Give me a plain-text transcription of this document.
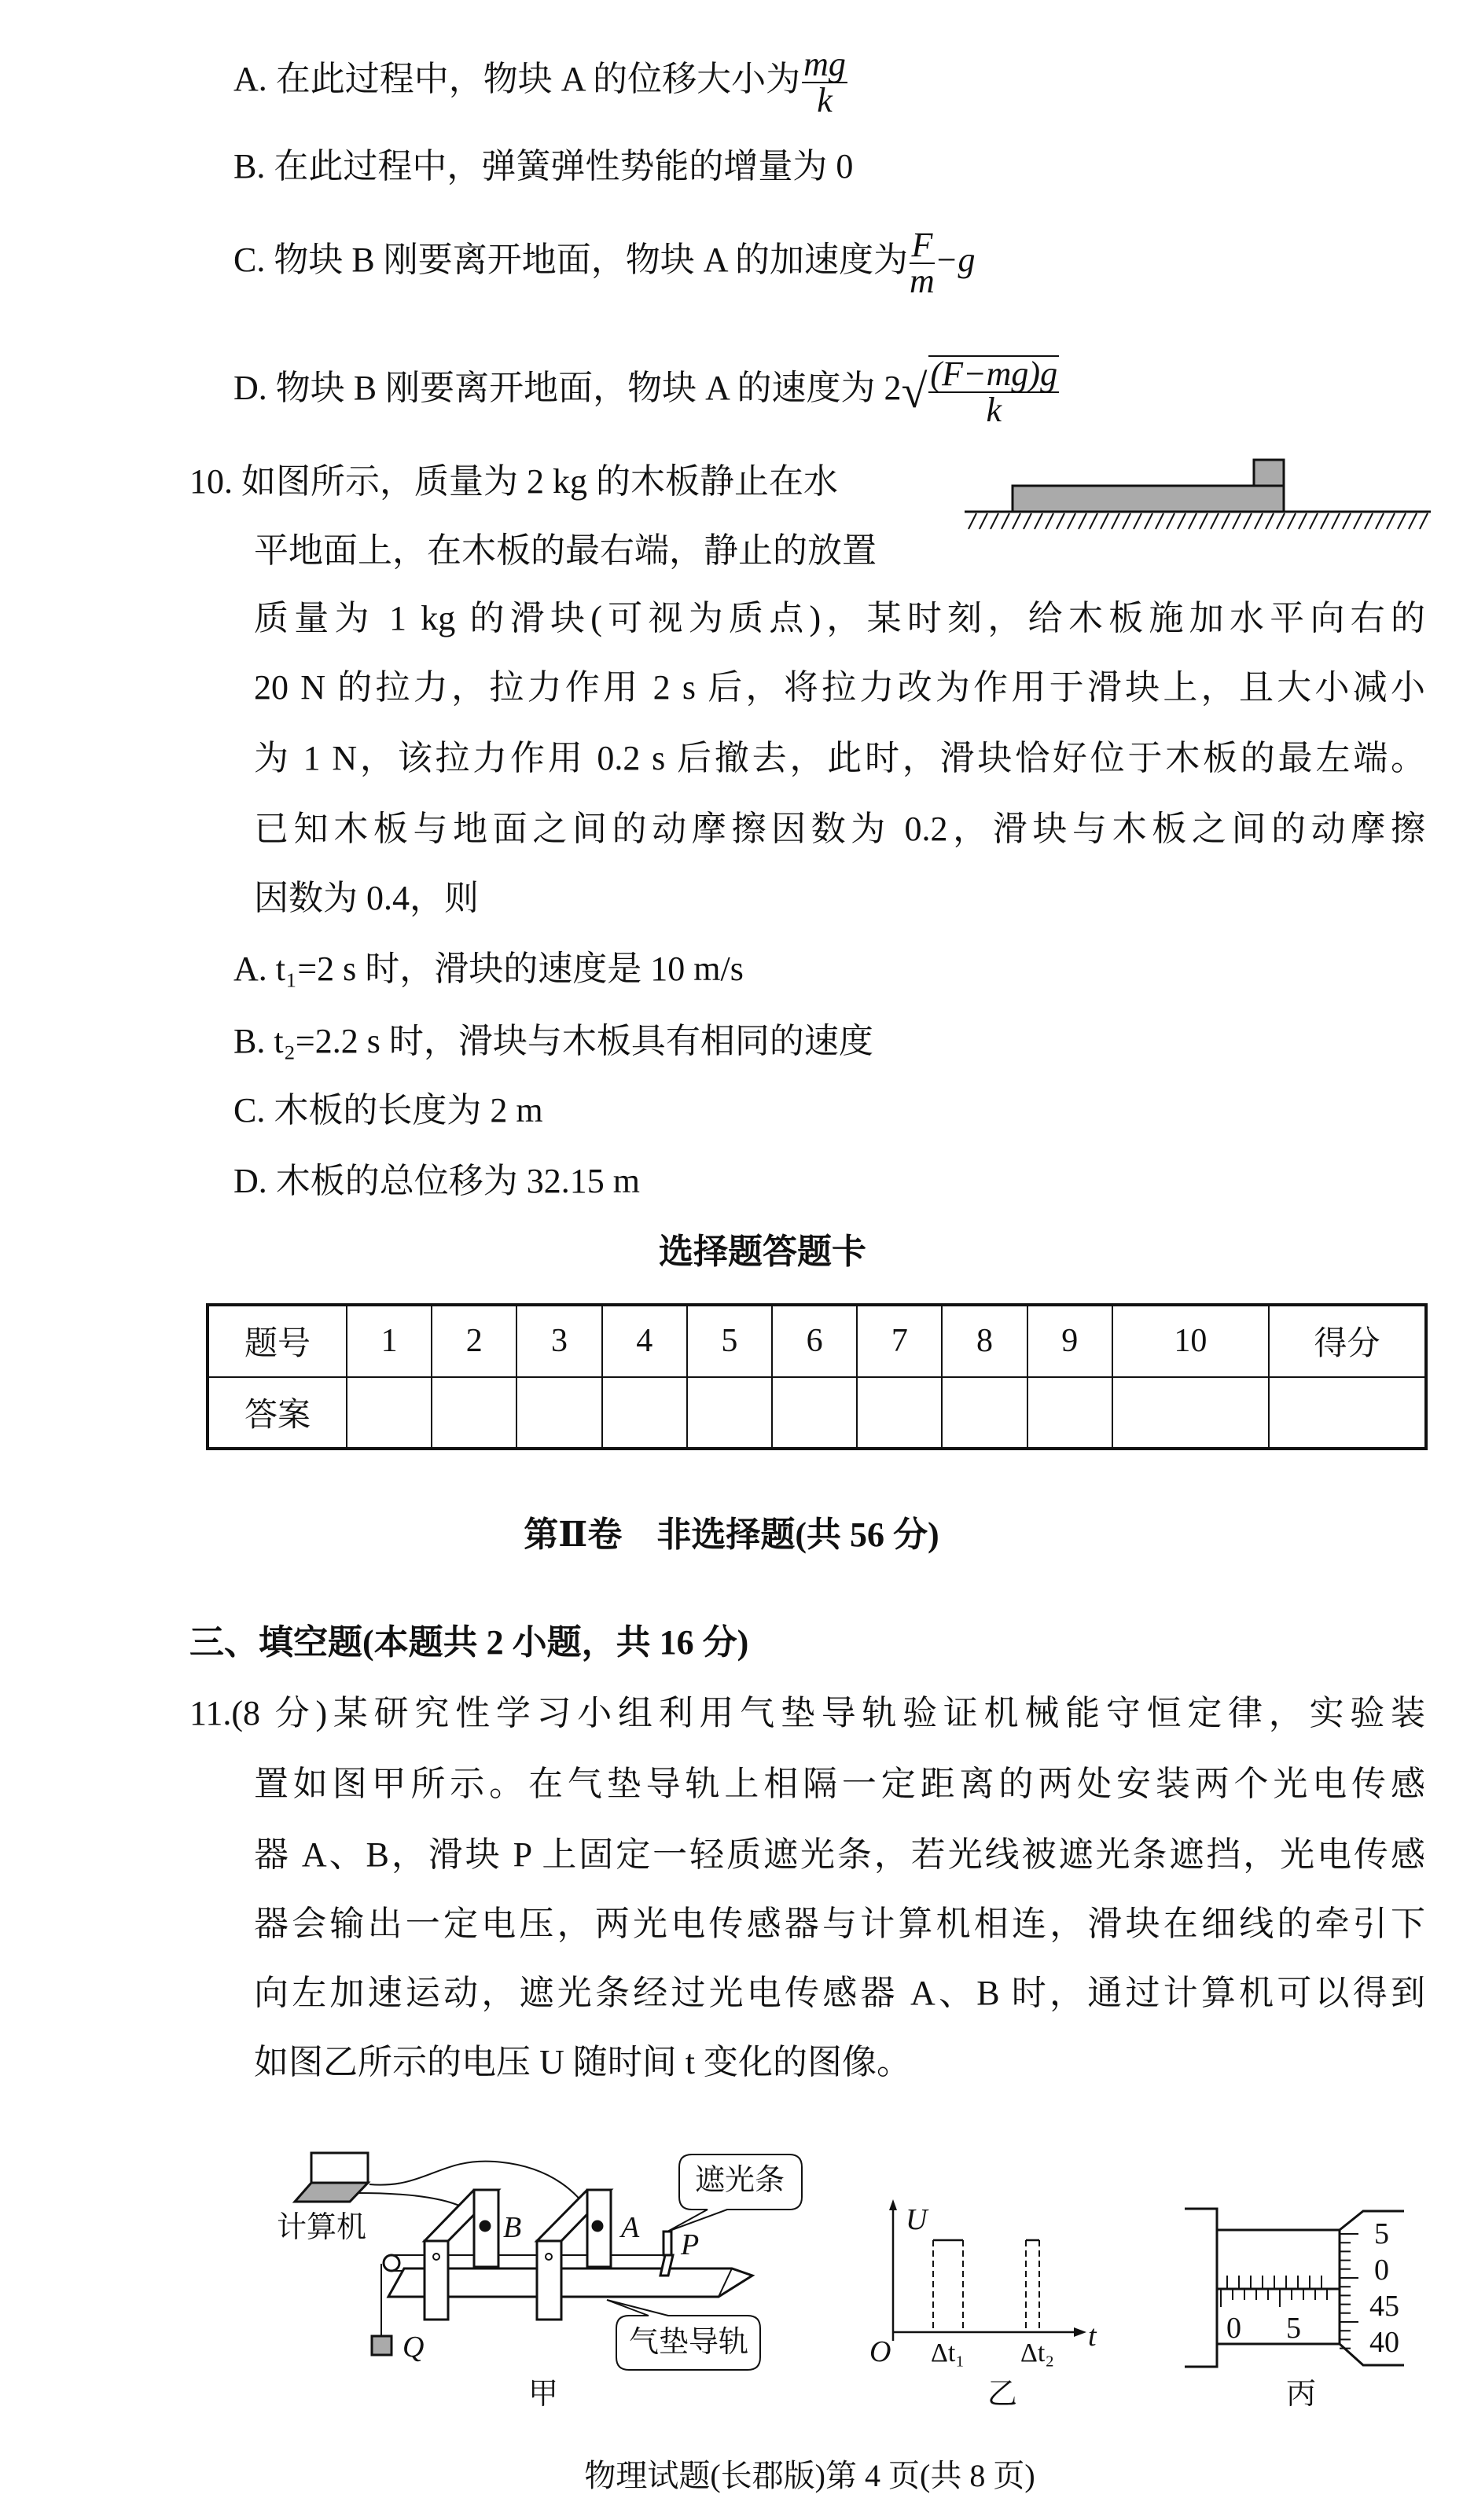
A. 在此过程中，物块 A 的位移大小为 $\frac{mg}{k}$
B. 在此过程中，弹簧弹性势能的增量为 0
C. 物块 B 刚要离开地面，物块 A 的加速度为 $\frac{F}{m} -g$
D. 物块 B 刚要离开地面，物块 A 的速度为 $2√ \frac{(F-mg)g}{k}$
10. 如图所示，质量为 2 kg 的木板静止在水
平地面上，在木板的最右端，静止的放置
质量为 1 kg 的滑块(可视为质点)，某时刻，给木板施加水平向右的
20 N 的拉力，拉力作用 2 s 后，将拉力改为作用于滑块上，且大小减小
为 1 N，该拉力作用 0.2 s 后撤去，此时，滑块恰好位于木板的最左端。
已知木板与地面之间的动摩擦因数为 0.2，滑块与木板之间的动摩擦
因数为 0.4，则
A. t₁=2 s 时，滑块的速度是 10 m/s
B. t₂=2.2 s 时，滑块与木板具有相同的速度
C. 木板的长度为 2 m
D. 木板的总位移为 32.15 m
选择题答题卡
题号	1	2	3	4	5	6	7	8	9	10	得分
答案											
第Ⅱ卷　非选择题(共 56 分)
三、填空题(本题共 2 小题，共 16 分)
11.(8 分)某研究性学习小组利用气垫导轨验证机械能守恒定律，实验装
置如图甲所示。在气垫导轨上相隔一定距离的两处安装两个光电传感
器 A、B，滑块 P 上固定一轻质遮光条，若光线被遮光条遮挡，光电传感
器会输出一定电压，两光电传感器与计算机相连，滑块在细线的牵引下
向左加速运动，遮光条经过光电传感器 A、B 时，通过计算机可以得到
如图乙所示的电压 U 随时间 t 变化的图像。
计算机
遮光条
气垫导轨
B	A
P
Q
甲
U
t
O Δt₁ Δt₂
乙
0 5
5
0
45
40
丙
物理试题(长郡版)第 4 页(共 8 页)
